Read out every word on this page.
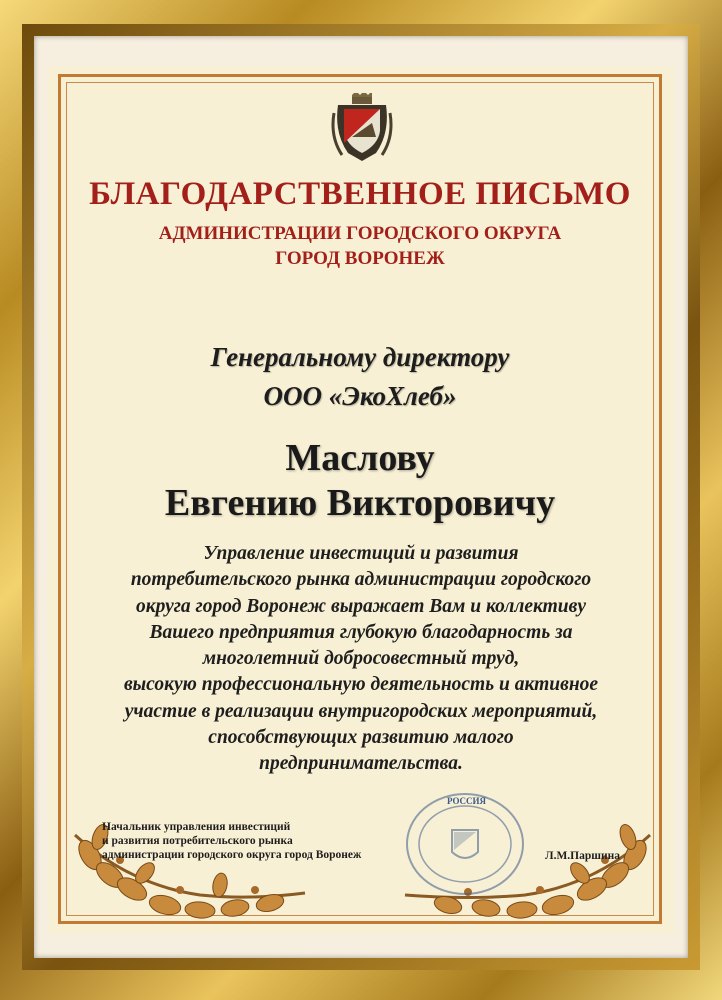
БЛАГОДАРСТВЕННОЕ ПИСЬМО
АДМИНИСТРАЦИИ ГОРОДСКОГО ОКРУГА
ГОРОД ВОРОНЕЖ
Генеральному директору
ООО «ЭкоХлеб»
Маслову
Евгению Викторовичу
Управление инвестиций и развития
потребительского рынка администрации городского
округа город Воронеж выражает Вам и коллективу
Вашего предприятия глубокую благодарность за
многолетний добросовестный труд,
высокую профессиональную деятельность и активное
участие в реализации внутригородских мероприятий,
способствующих развитию малого
предпринимательства.
РОССИЯ
Начальник управления инвестиций
и развития потребительского рынка
администрации городского округа город Воронеж	Л.М.Паршина
